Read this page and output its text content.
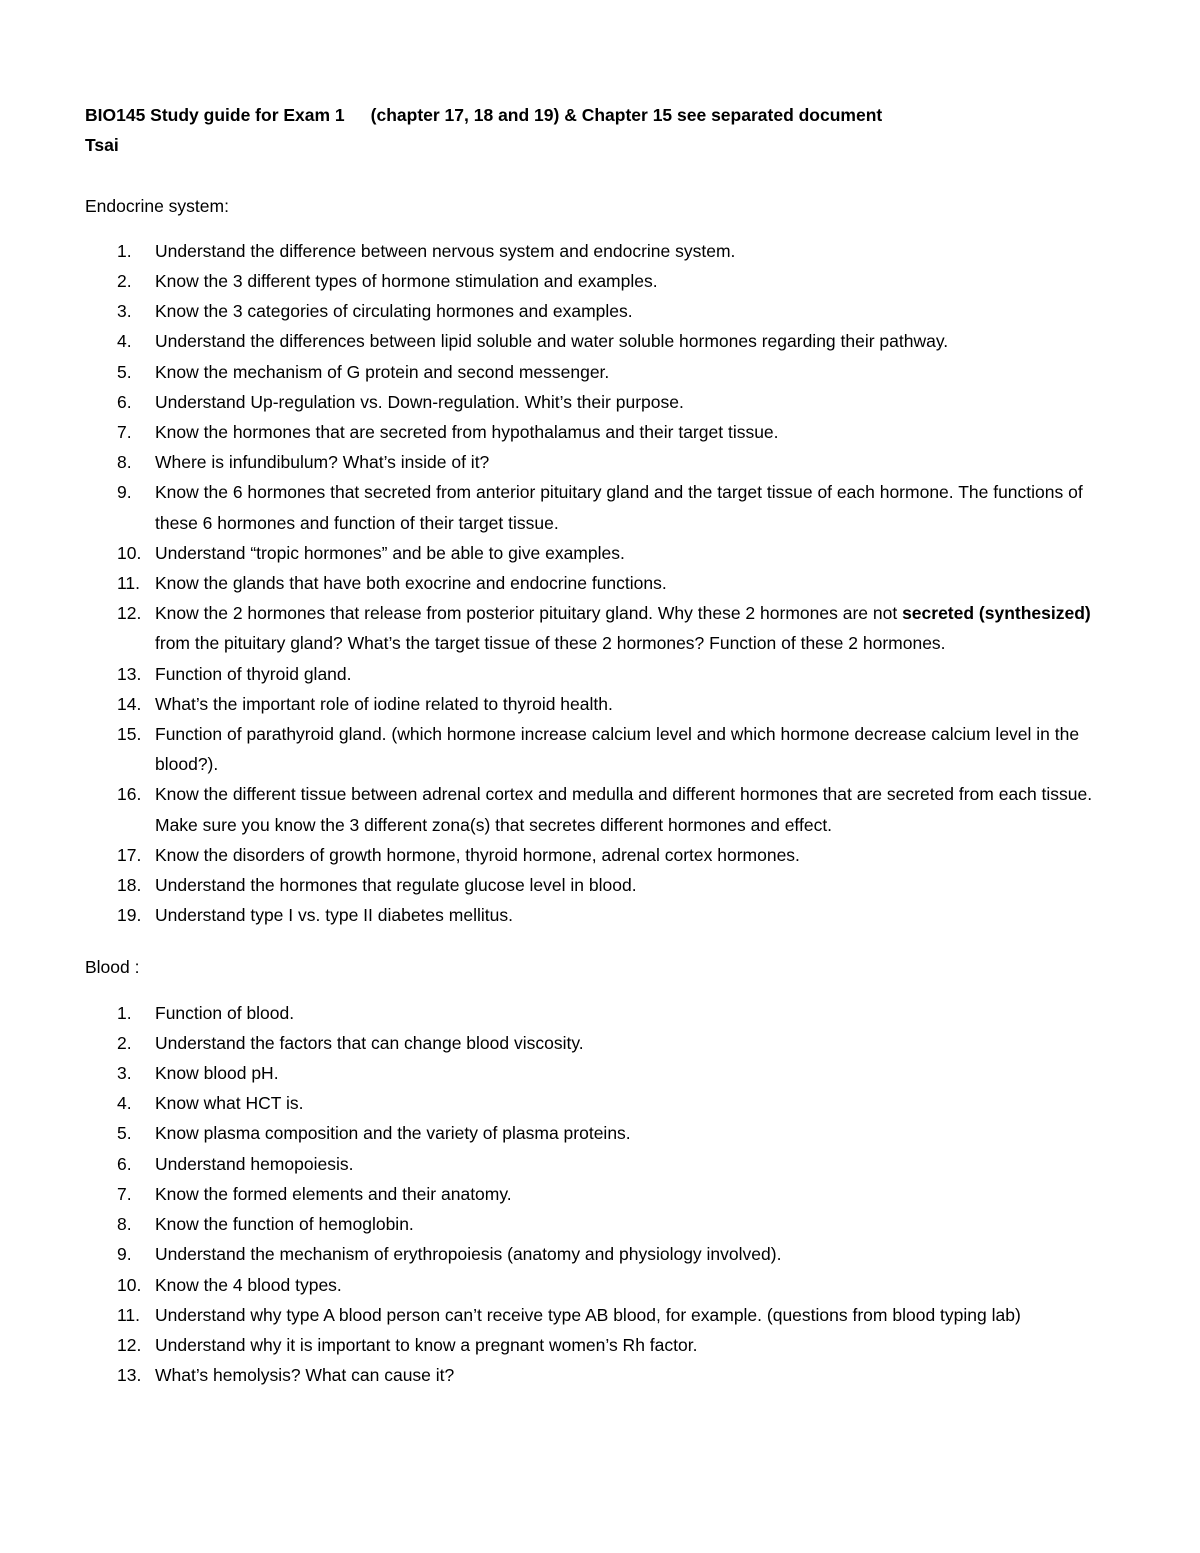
BIO145 Study guide for Exam 1 (chapter 17, 18 and 19) & Chapter 15 see separated document
Tsai
Endocrine system:
1. Understand the difference between nervous system and endocrine system.
2. Know the 3 different types of hormone stimulation and examples.
3. Know the 3 categories of circulating hormones and examples.
4. Understand the differences between lipid soluble and water soluble hormones regarding their pathway.
5. Know the mechanism of G protein and second messenger.
6. Understand Up-regulation vs. Down-regulation. Whit’s their purpose.
7. Know the hormones that are secreted from hypothalamus and their target tissue.
8. Where is infundibulum? What’s inside of it?
9. Know the 6 hormones that secreted from anterior pituitary gland and the target tissue of each hormone. The functions of these 6 hormones and function of their target tissue.
10. Understand “tropic hormones” and be able to give examples.
11. Know the glands that have both exocrine and endocrine functions.
12. Know the 2 hormones that release from posterior pituitary gland. Why these 2 hormones are not secreted (synthesized) from the pituitary gland? What’s the target tissue of these 2 hormones? Function of these 2 hormones.
13. Function of thyroid gland.
14. What’s the important role of iodine related to thyroid health.
15. Function of parathyroid gland. (which hormone increase calcium level and which hormone decrease calcium level in the blood?).
16. Know the different tissue between adrenal cortex and medulla and different hormones that are secreted from each tissue. Make sure you know the 3 different zona(s) that secretes different hormones and effect.
17. Know the disorders of growth hormone, thyroid hormone, adrenal cortex hormones.
18. Understand the hormones that regulate glucose level in blood.
19. Understand type I vs. type II diabetes mellitus.
Blood :
1. Function of blood.
2. Understand the factors that can change blood viscosity.
3. Know blood pH.
4. Know what HCT is.
5. Know plasma composition and the variety of plasma proteins.
6. Understand hemopoiesis.
7. Know the formed elements and their anatomy.
8. Know the function of hemoglobin.
9. Understand the mechanism of erythropoiesis (anatomy and physiology involved).
10. Know the 4 blood types.
11. Understand why type A blood person can’t receive type AB blood, for example. (questions from blood typing lab)
12. Understand why it is important to know a pregnant women’s Rh factor.
13. What’s hemolysis? What can cause it?
